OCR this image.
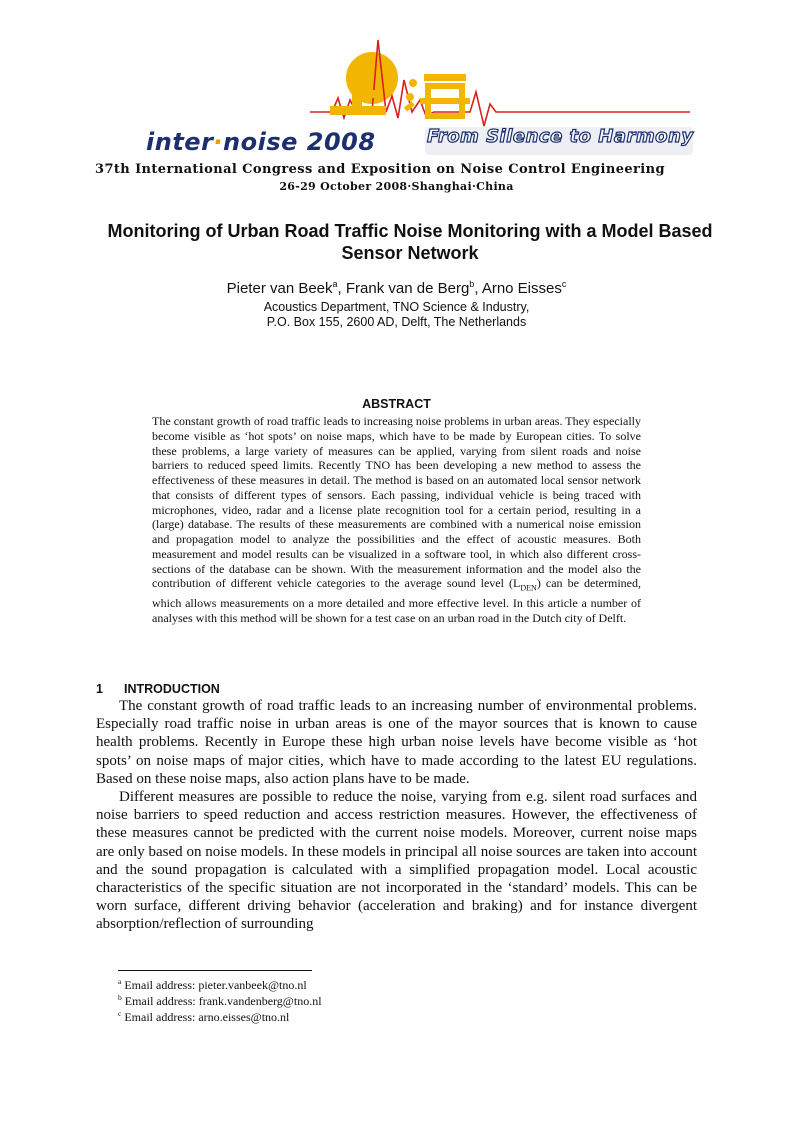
inter·noise 2008	From Silence to Harmony
37th International Congress and Exposition on Noise Control Engineering
26-29 October 2008·Shanghai·China
Monitoring of Urban Road Traffic Noise Monitoring with a Model Based Sensor Network
Pieter van Beek$^a$, Frank van de Berg$^b$, Arno Eisses$^c$
Acoustics Department, TNO Science & Industry,
P.O. Box 155, 2600 AD, Delft, The Netherlands
ABSTRACT
The constant growth of road traffic leads to increasing noise problems in urban areas. They especially become visible as ‘hot spots’ on noise maps, which have to be made by European cities. To solve these problems, a large variety of measures can be applied, varying from silent roads and noise barriers to reduced speed limits. Recently TNO has been developing a new method to assess the effectiveness of these measures in detail. The method is based on an automated local sensor network that consists of different types of sensors. Each passing, individual vehicle is being traced with microphones, video, radar and a license plate recognition tool for a certain period, resulting in a (large) database. The results of these measurements are combined with a numerical noise emission and propagation model to analyze the possibilities and the effect of acoustic measures. Both measurement and model results can be visualized in a software tool, in which also different cross-sections of the database can be shown. With the measurement information and the model also the contribution of different vehicle categories to the average sound level $(L_{DEN})$ can be determined, which allows measurements on a more detailed and more effective level. In this article a number of analyses with this method will be shown for a test case on an urban road in the Dutch city of Delft.
1 INTRODUCTION

The constant growth of road traffic leads to an increasing number of environmental problems. Especially road traffic noise in urban areas is one of the mayor sources that is known to cause health problems. Recently in Europe these high urban noise levels have become visible as ‘hot spots’ on noise maps of major cities, which have to made according to the latest EU regulations. Based on these noise maps, also action plans have to be made.

Different measures are possible to reduce the noise, varying from e.g. silent road surfaces and noise barriers to speed reduction and access restriction measures. However, the effectiveness of these measures cannot be predicted with the current noise models. Moreover, current noise maps are only based on noise models. In these models in principal all noise sources are taken into account and the sound propagation is calculated with a simplified propagation model. Local acoustic characteristics of the specific situation are not incorporated in the ‘standard’ models. This can be worn surface, different driving behavior (acceleration and braking) and for instance divergent absorption/reflection of surrounding

$^a$ Email address: pieter.vanbeek@tno.nl
$^b$ Email address: frank.vandenberg@tno.nl
$^c$ Email address: arno.eisses@tno.nl
